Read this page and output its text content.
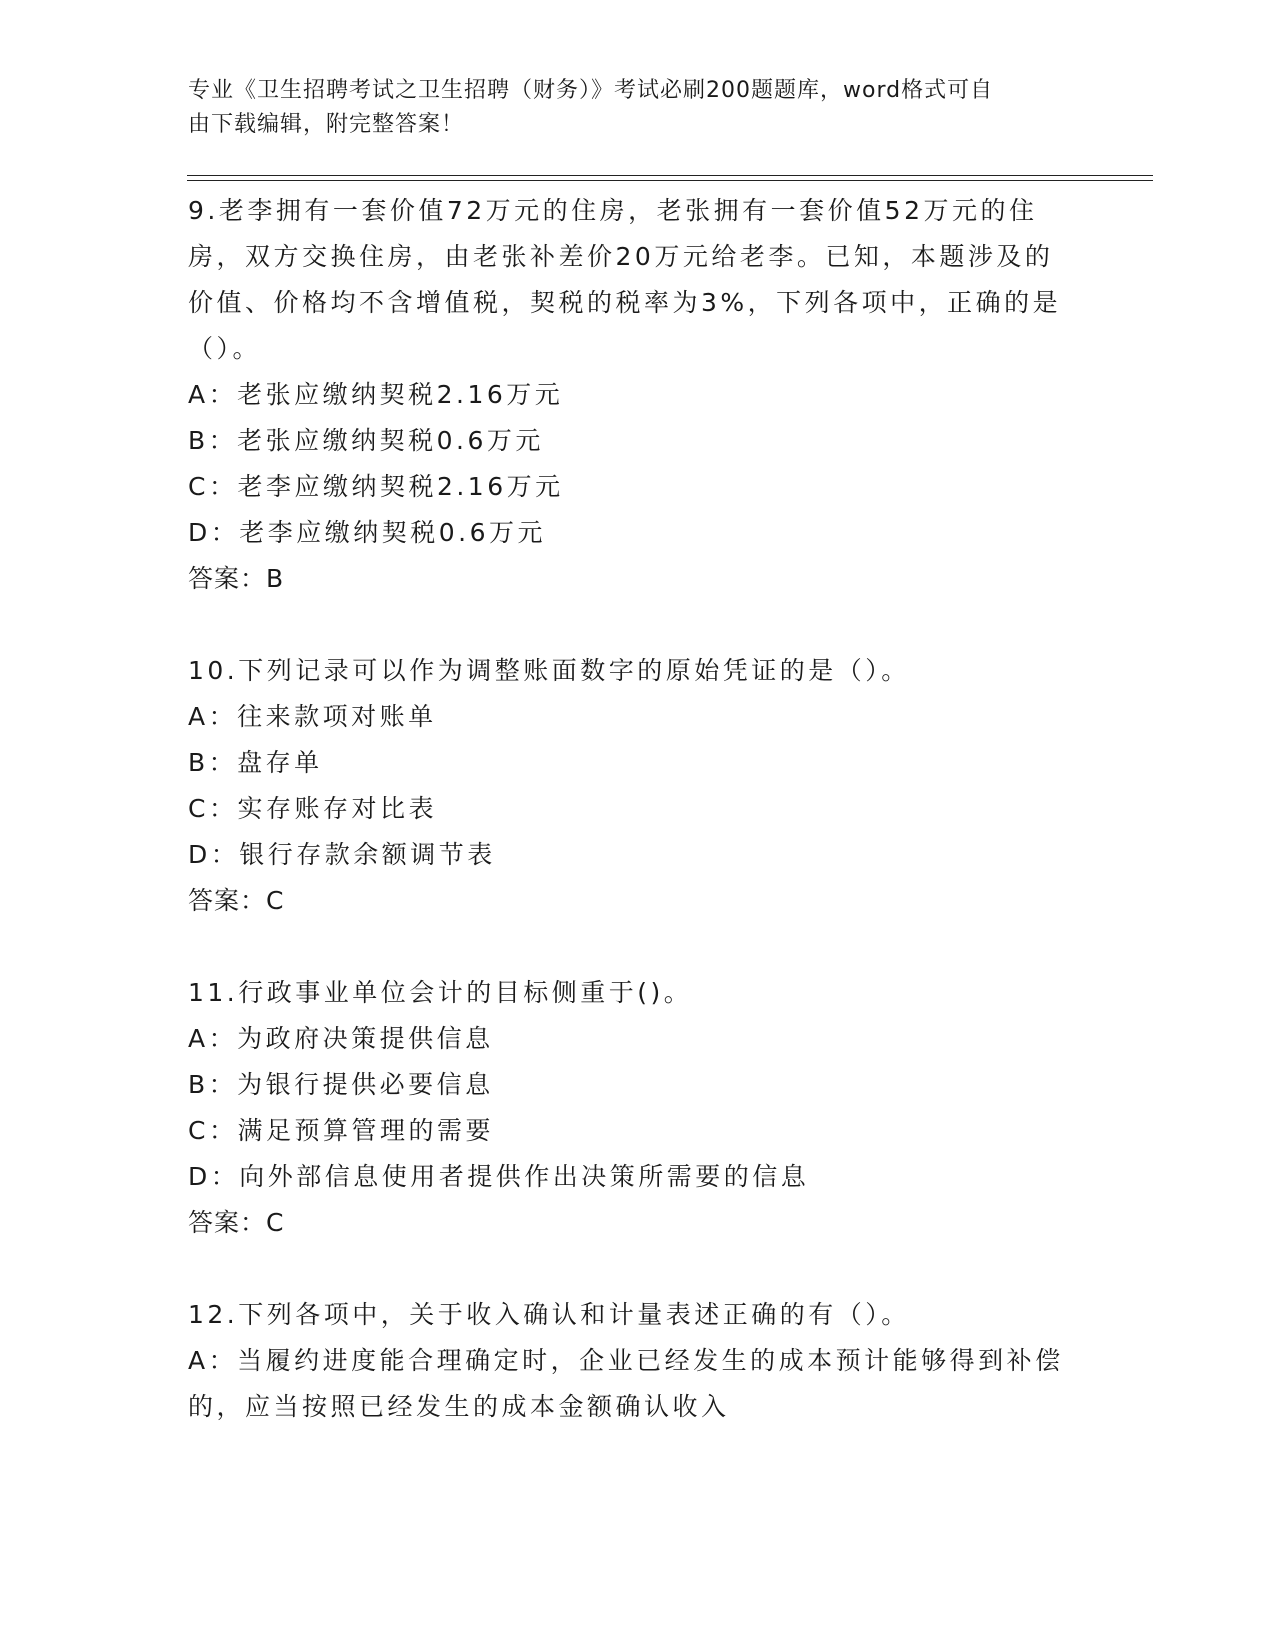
专业《卫生招聘考试之卫生招聘（财务）》考试必刷200题题库，word格式可自
由下载编辑，附完整答案！
9.老李拥有一套价值72万元的住房，老张拥有一套价值52万元的住
房，双方交换住房，由老张补差价20万元给老李。已知，本题涉及的
价值、价格均不含增值税，契税的税率为3%，下列各项中，正确的是
（）。
A：老张应缴纳契税2.16万元
B：老张应缴纳契税0.6万元
C：老李应缴纳契税2.16万元
D：老李应缴纳契税0.6万元
答案：B
10.下列记录可以作为调整账面数字的原始凭证的是（）。
A：往来款项对账单
B：盘存单
C：实存账存对比表
D：银行存款余额调节表
答案：C
11.行政事业单位会计的目标侧重于()。
A：为政府决策提供信息
B：为银行提供必要信息
C：满足预算管理的需要
D：向外部信息使用者提供作出决策所需要的信息
答案：C
12.下列各项中，关于收入确认和计量表述正确的有（）。
A：当履约进度能合理确定时，企业已经发生的成本预计能够得到补偿
的，应当按照已经发生的成本金额确认收入
